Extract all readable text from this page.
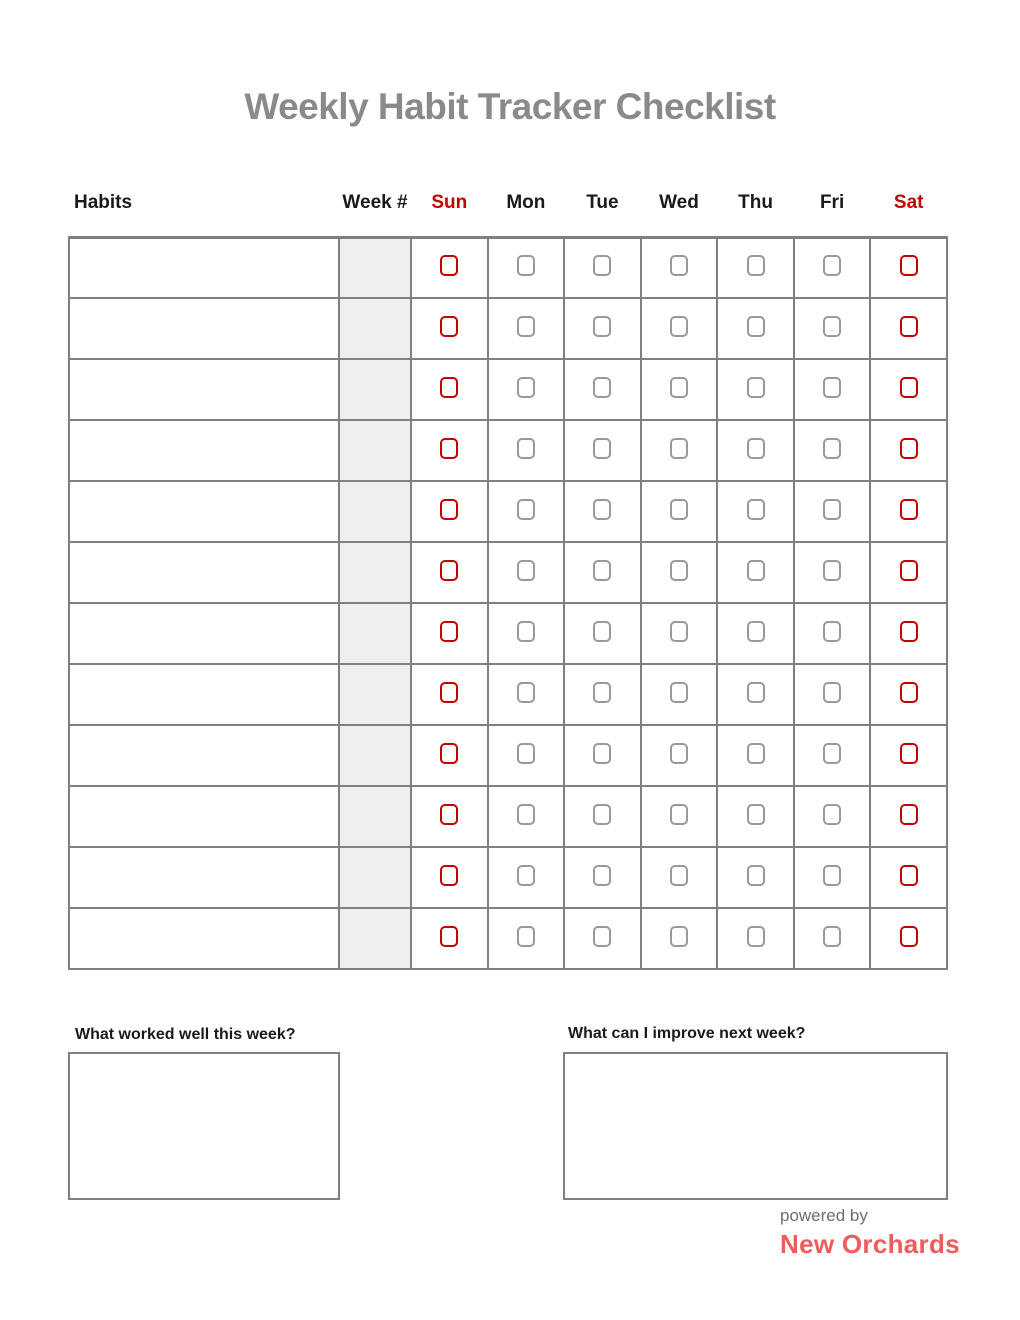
Weekly Habit Tracker Checklist
Habits	Week #	Sun	Mon	Tue	Wed	Thu	Fri	Sat

What worked well this week?	What can I improve next week?
powered by
New Orchards
